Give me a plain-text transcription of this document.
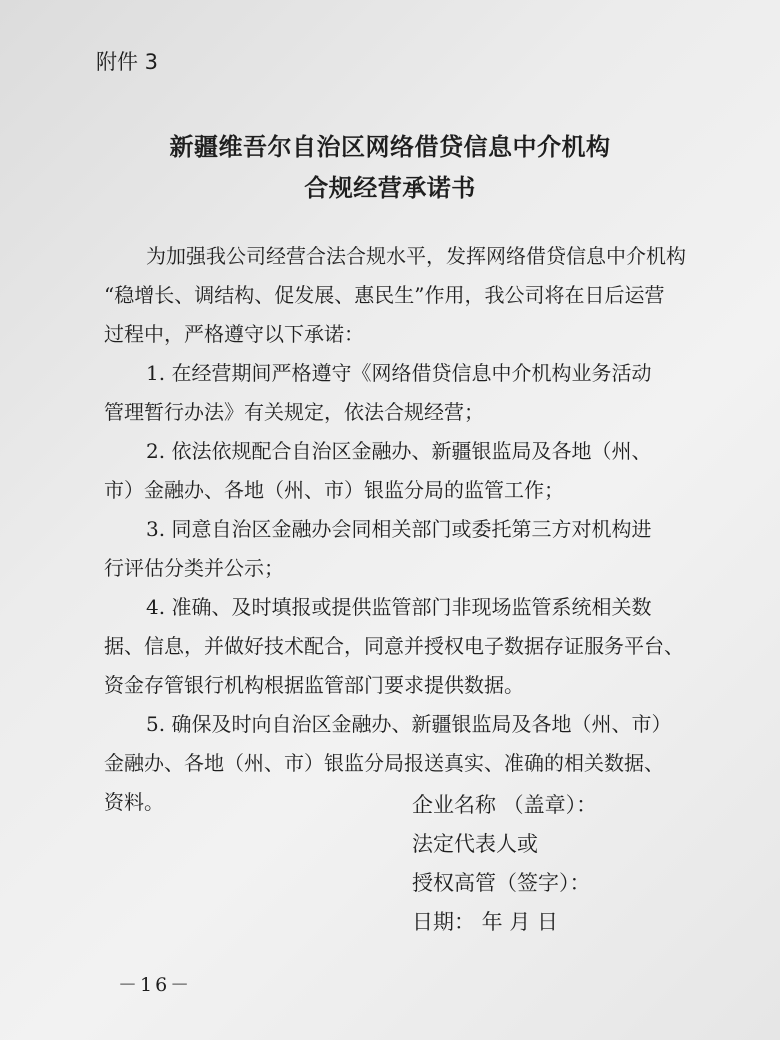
附件 3
新疆维吾尔自治区网络借贷信息中介机构
合规经营承诺书
为加强我公司经营合法合规水平，发挥网络借贷信息中介机构
“稳增长、调结构、促发展、惠民生”作用，我公司将在日后运营
过程中，严格遵守以下承诺：
1. 在经营期间严格遵守《网络借贷信息中介机构业务活动
管理暂行办法》有关规定，依法合规经营；
2. 依法依规配合自治区金融办、新疆银监局及各地（州、
市）金融办、各地（州、市）银监分局的监管工作；
3. 同意自治区金融办会同相关部门或委托第三方对机构进
行评估分类并公示；
4. 准确、及时填报或提供监管部门非现场监管系统相关数
据、信息，并做好技术配合，同意并授权电子数据存证服务平台、
资金存管银行机构根据监管部门要求提供数据。
5. 确保及时向自治区金融办、新疆银监局及各地（州、市）
金融办、各地（州、市）银监分局报送真实、准确的相关数据、
资料。	企业名称 （盖章）：
法定代表人或
授权高管（签字）：
日期： 年 月 日
－16－
